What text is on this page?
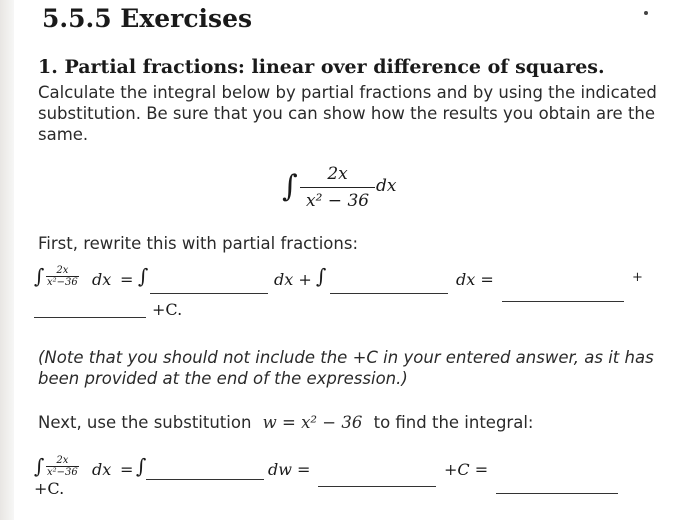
5.5.5 Exercises
1. Partial fractions: linear over difference of squares.
Calculate the integral below by partial fractions and by using the indicated substitution. Be sure that you can show how the results you obtain are the same.
∫ $\frac{2x}{\text{x² − 36}}$ dx
First, rewrite this with partial fractions:
∫ $\frac{2x}{\text{x²−36}}$ dx = ∫	dx + ∫	dx =	+
+C.
(Note that you should not include the +C in your entered answer, as it has been provided at the end of the expression.)
Next, use the substitution w = x² − 36 to find the integral:
∫ $\frac{2x}{\text{x²−36}}$ dx = ∫	dw =	+C =
+C.
